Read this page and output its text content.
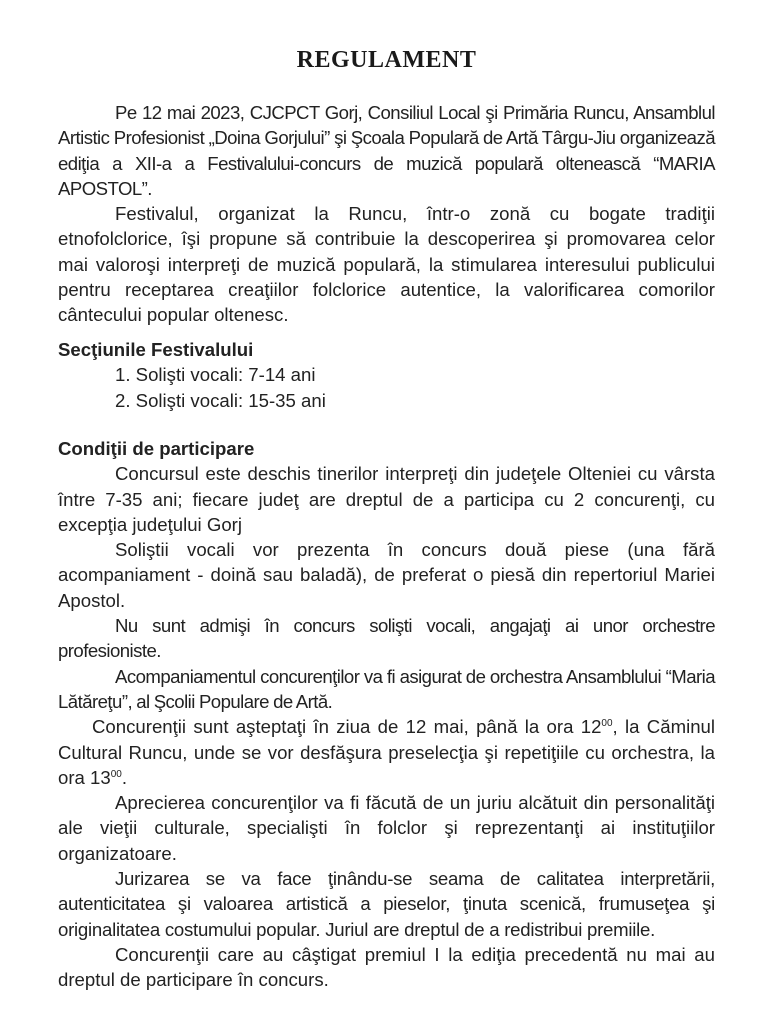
REGULAMENT

Pe 12 mai 2023, CJCPCT Gorj, Consiliul Local şi Primăria Runcu, Ansamblul Artistic Profesionist „Doina Gorjului” şi Şcoala Populară de Artă Târgu-Jiu organizează ediţia a XII-a a Festivalului-concurs de muzică populară oltenească “MARIA APOSTOL”.

Festivalul, organizat la Runcu, într-o zonă cu bogate tradiţii etnofolclorice, îşi propune să contribuie la descoperirea şi promovarea celor mai valoroşi interpreţi de muzică populară, la stimularea interesului publicului pentru receptarea creaţiilor folclorice autentice, la valorificarea comorilor cântecului popular oltenesc.

Secţiunile Festivalului

1. Solişti vocali: 7-14 ani
2. Solişti vocali: 15-35 ani

Condiţii de participare

Concursul este deschis tinerilor interpreţi din judeţele Olteniei cu vârsta între 7-35 ani; fiecare judeţ are dreptul de a participa cu 2 concurenţi, cu excepţia judeţului Gorj

Soliştii vocali vor prezenta în concurs două piese (una fără acompaniament - doină sau baladă), de preferat o piesă din repertoriul Mariei Apostol.

Nu sunt admişi în concurs solişti vocali, angajaţi ai unor orchestre profesioniste.

Acompaniamentul concurenţilor va fi asigurat de orchestra Ansamblului “Maria Lătăreţu”, al Şcolii Populare de Artă.

Concurenţii sunt aşteptaţi în ziua de 12 mai, până la ora $12^{00}$, la Căminul Cultural Runcu, unde se vor desfăşura preselecţia şi repetiţiile cu orchestra, la ora $13^{00}$.

Aprecierea concurenţilor va fi făcută de un juriu alcătuit din personalităţi ale vieţii culturale, specialişti în folclor şi reprezentanţi ai instituţiilor organizatoare.

Jurizarea se va face ţinându-se seama de calitatea interpretării, autenticitatea şi valoarea artistică a pieselor, ţinuta scenică, frumuseţea şi originalitatea costumului popular. Juriul are dreptul de a redistribui premiile.

Concurenţii care au câştigat premiul I la ediţia precedentă nu mai au dreptul de participare în concurs.
